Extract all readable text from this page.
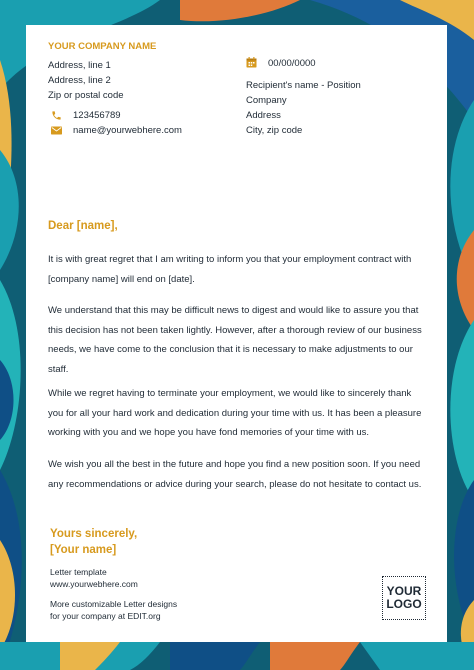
YOUR COMPANY NAME
Address, line 1
Address, line 2
Zip or postal code
123456789
name@yourwebhere.com
00/00/0000
Recipient's name - Position
Company
Address
City, zip code
Dear [name],

It is with great regret that I am writing to inform you that your employment contract with [company name] will end on [date].

We understand that this may be difficult news to digest and would like to assure you that this decision has not been taken lightly. However, after a thorough review of our business needs, we have come to the conclusion that it is necessary to make adjustments to our staff.

While we regret having to terminate your employment, we would like to sincerely thank you for all your hard work and dedication during your time with us. It has been a pleasure working with you and we hope you have fond memories of your time with us.

We wish you all the best in the future and hope you find a new position soon. If you need any recommendations or advice during your search, please do not hesitate to contact us.

Yours sincerely,
[Your name]
Letter template
www.yourwebhere.com
More customizable Letter designs
for your company at EDIT.org
YOUR
LOGO
